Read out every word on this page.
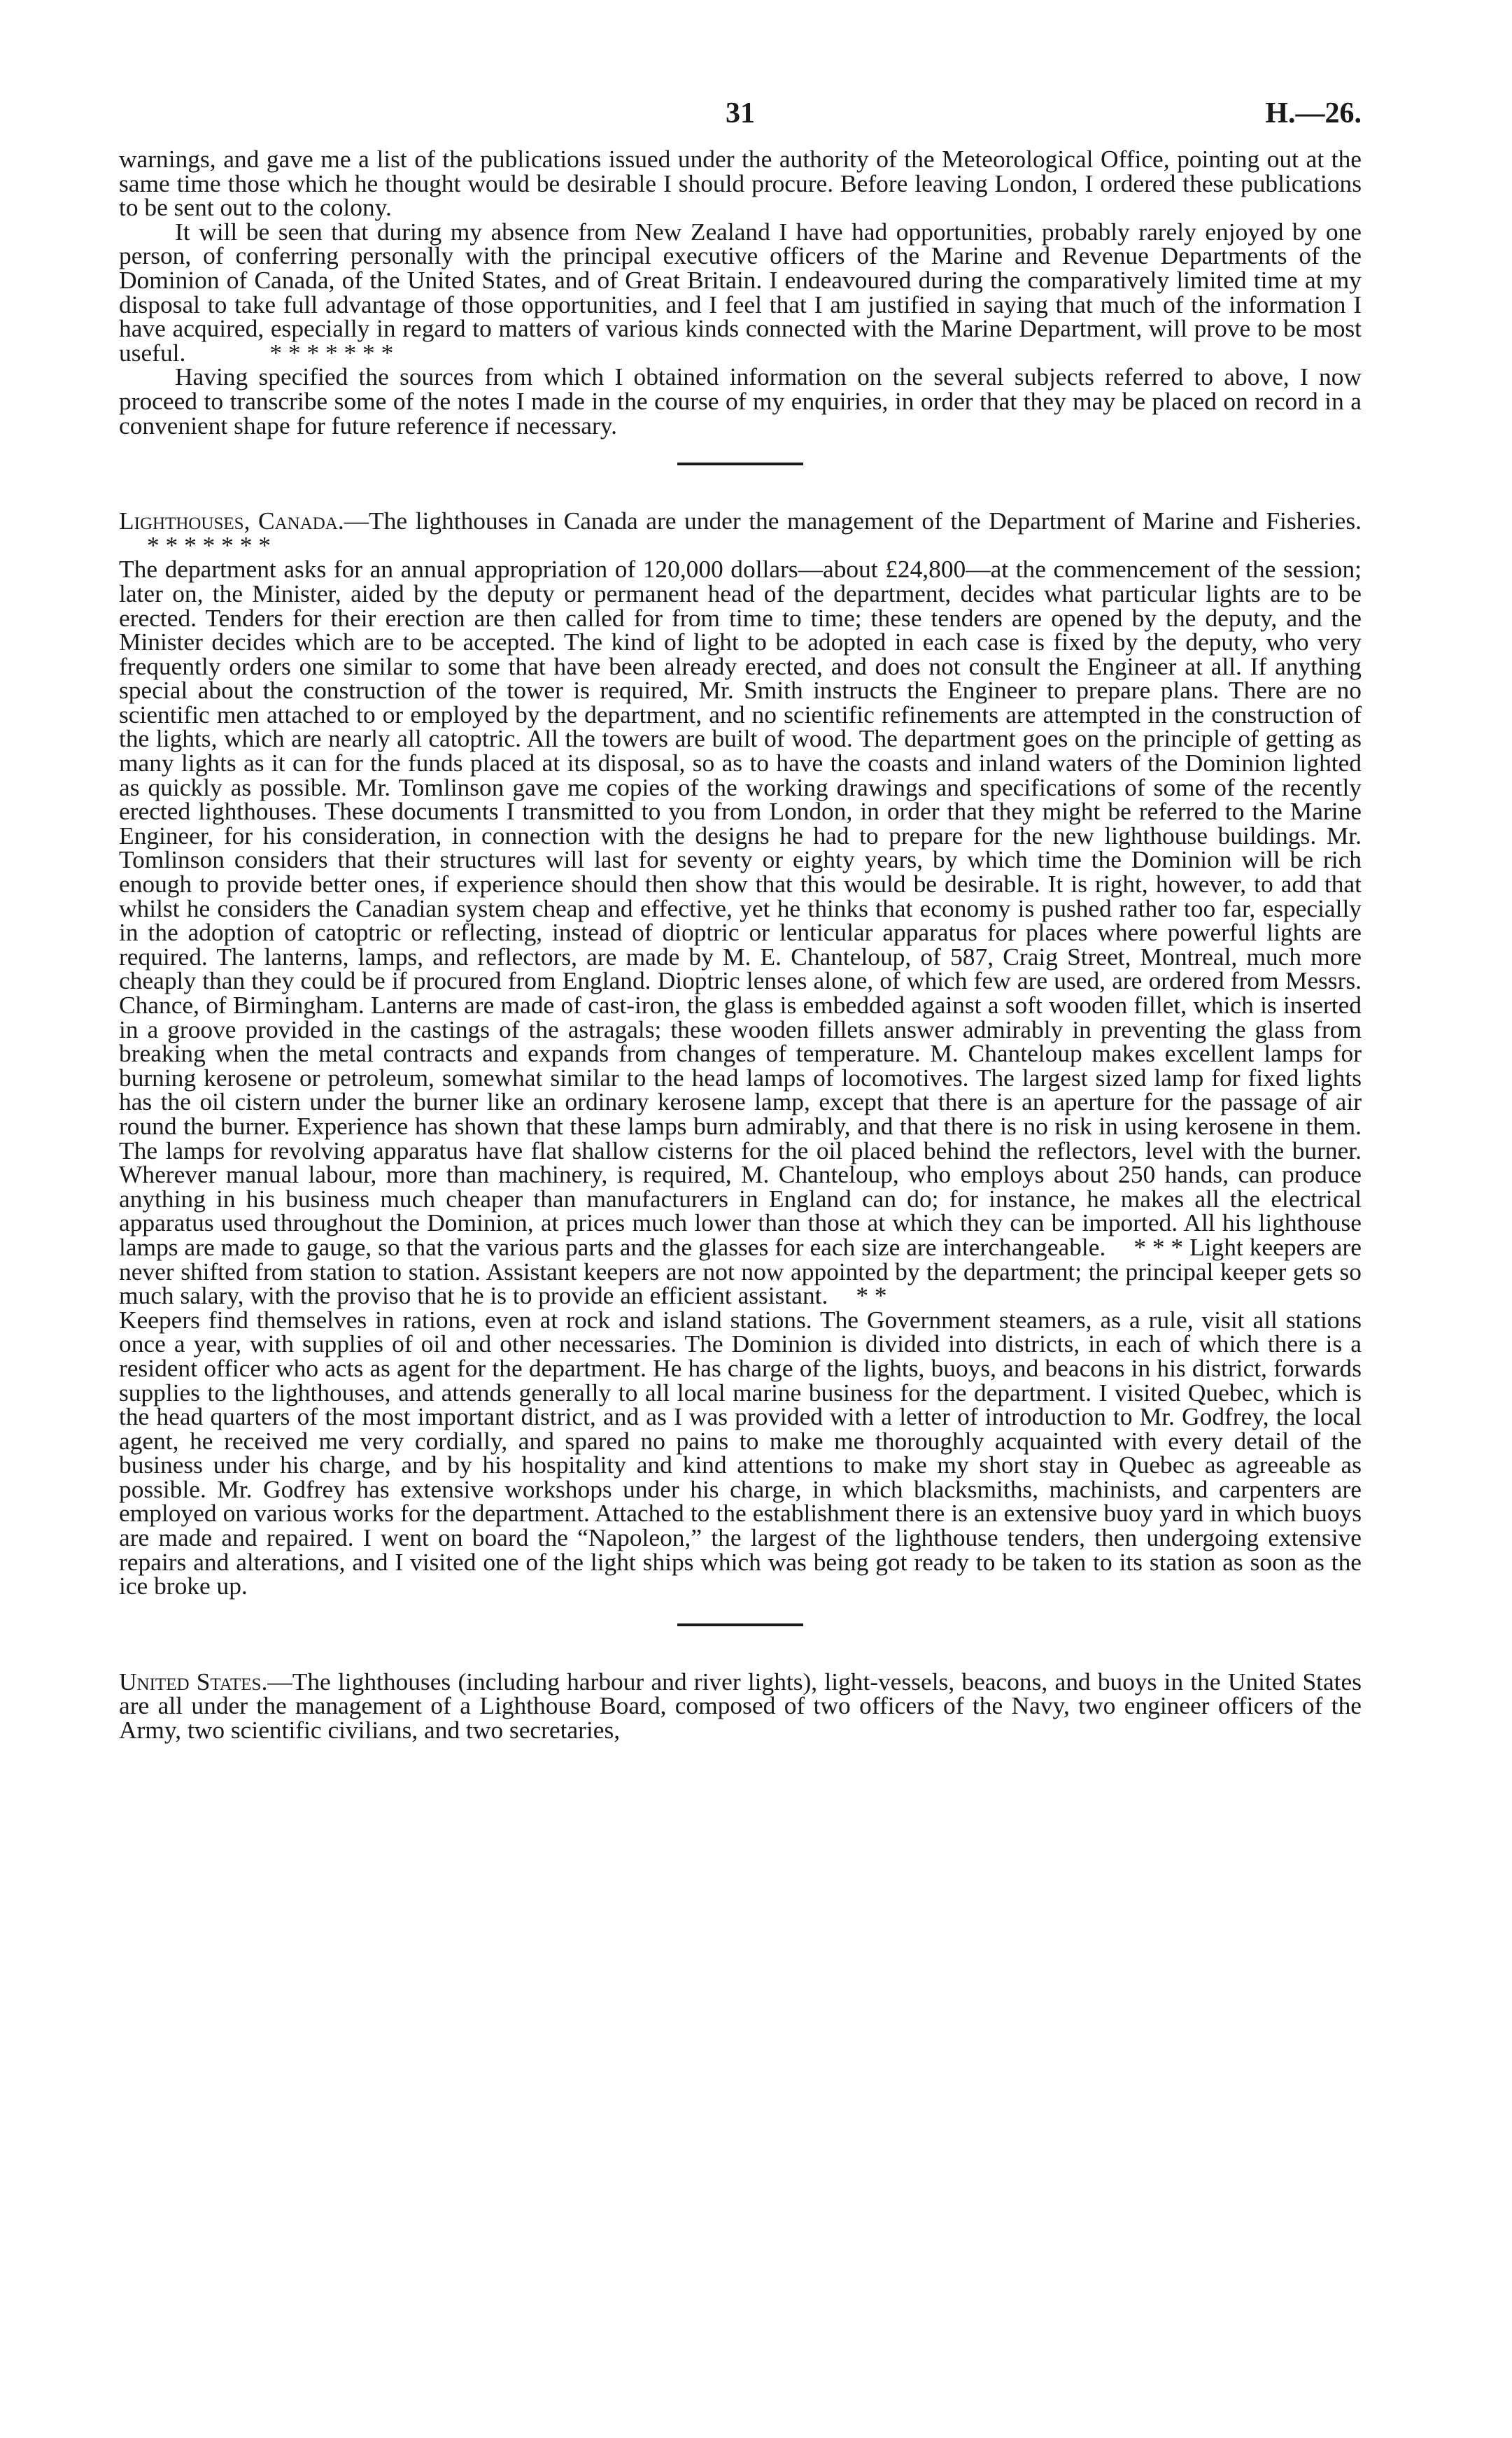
31	H.—26.

warnings, and gave me a list of the publications issued under the authority of the Meteorological Office, pointing out at the same time those which he thought would be desirable I should procure. Before leaving London, I ordered these publications to be sent out to the colony.

It will be seen that during my absence from New Zealand I have had opportunities, probably rarely enjoyed by one person, of conferring personally with the principal executive officers of the Marine and Revenue Departments of the Dominion of Canada, of the United States, and of Great Britain. I endeavoured during the comparatively limited time at my disposal to take full advantage of those opportunities, and I feel that I am justified in saying that much of the information I have acquired, especially in regard to matters of various kinds connected with the Marine Department, will prove to be most useful.	* * * * * * *

Having specified the sources from which I obtained information on the several subjects referred to above, I now proceed to transcribe some of the notes I made in the course of my enquiries, in order that they may be placed on record in a convenient shape for future reference if necessary.

Lighthouses, Canada.—The lighthouses in Canada are under the management of the Department of Marine and Fisheries.* * * * * * *

The department asks for an annual appropriation of 120,000 dollars—about £24,800—at the commencement of the session; later on, the Minister, aided by the deputy or permanent head of the department, decides what particular lights are to be erected. Tenders for their erection are then called for from time to time; these tenders are opened by the deputy, and the Minister decides which are to be accepted. The kind of light to be adopted in each case is fixed by the deputy, who very frequently orders one similar to some that have been already erected, and does not consult the Engineer at all. If anything special about the construction of the tower is required, Mr. Smith instructs the Engineer to prepare plans. There are no scientific men attached to or employed by the department, and no scientific refinements are attempted in the construction of the lights, which are nearly all catoptric. All the towers are built of wood. The department goes on the principle of getting as many lights as it can for the funds placed at its disposal, so as to have the coasts and inland waters of the Dominion lighted as quickly as possible. Mr. Tomlinson gave me copies of the working drawings and specifications of some of the recently erected lighthouses. These documents I transmitted to you from London, in order that they might be referred to the Marine Engineer, for his consideration, in connection with the designs he had to prepare for the new lighthouse buildings. Mr. Tomlinson considers that their structures will last for seventy or eighty years, by which time the Dominion will be rich enough to provide better ones, if experience should then show that this would be desirable. It is right, however, to add that whilst he considers the Canadian system cheap and effective, yet he thinks that economy is pushed rather too far, especially in the adoption of catoptric or reflecting, instead of dioptric or lenticular apparatus for places where powerful lights are required. The lanterns, lamps, and reflectors, are made by M. E. Chanteloup, of 587, Craig Street, Montreal, much more cheaply than they could be if procured from England. Dioptric lenses alone, of which few are used, are ordered from Messrs. Chance, of Birmingham. Lanterns are made of cast-iron, the glass is embedded against a soft wooden fillet, which is inserted in a groove provided in the castings of the astragals; these wooden fillets answer admirably in preventing the glass from breaking when the metal contracts and expands from changes of temperature. M. Chanteloup makes excellent lamps for burning kerosene or petroleum, somewhat similar to the head lamps of locomotives. The largest sized lamp for fixed lights has the oil cistern under the burner like an ordinary kerosene lamp, except that there is an aperture for the passage of air round the burner. Experience has shown that these lamps burn admirably, and that there is no risk in using kerosene in them. The lamps for revolving apparatus have flat shallow cisterns for the oil placed behind the reflectors, level with the burner. Wherever manual labour, more than machinery, is required, M. Chanteloup, who employs about 250 hands, can produce anything in his business much cheaper than manufacturers in England can do; for instance, he makes all the electrical apparatus used throughout the Dominion, at prices much lower than those at which they can be imported. All his lighthouse lamps are made to gauge, so that the various parts and the glasses for each size are interchangeable. * * * Light keepers are never shifted from station to station. Assistant keepers are not now appointed by the department; the principal keeper gets so much salary, with the proviso that he is to provide an efficient assistant. * *

Keepers find themselves in rations, even at rock and island stations. The Government steamers, as a rule, visit all stations once a year, with supplies of oil and other necessaries. The Dominion is divided into districts, in each of which there is a resident officer who acts as agent for the department. He has charge of the lights, buoys, and beacons in his district, forwards supplies to the lighthouses, and attends generally to all local marine business for the department. I visited Quebec, which is the head quarters of the most important district, and as I was provided with a letter of introduction to Mr. Godfrey, the local agent, he received me very cordially, and spared no pains to make me thoroughly acquainted with every detail of the business under his charge, and by his hospitality and kind attentions to make my short stay in Quebec as agreeable as possible. Mr. Godfrey has extensive workshops under his charge, in which blacksmiths, machinists, and carpenters are employed on various works for the department. Attached to the establishment there is an extensive buoy yard in which buoys are made and repaired. I went on board the “Napoleon,” the largest of the lighthouse tenders, then undergoing extensive repairs and alterations, and I visited one of the light ships which was being got ready to be taken to its station as soon as the ice broke up.

United States.—The lighthouses (including harbour and river lights), light-vessels, beacons, and buoys in the United States are all under the management of a Lighthouse Board, composed of two officers of the Navy, two engineer officers of the Army, two scientific civilians, and two secretaries,
